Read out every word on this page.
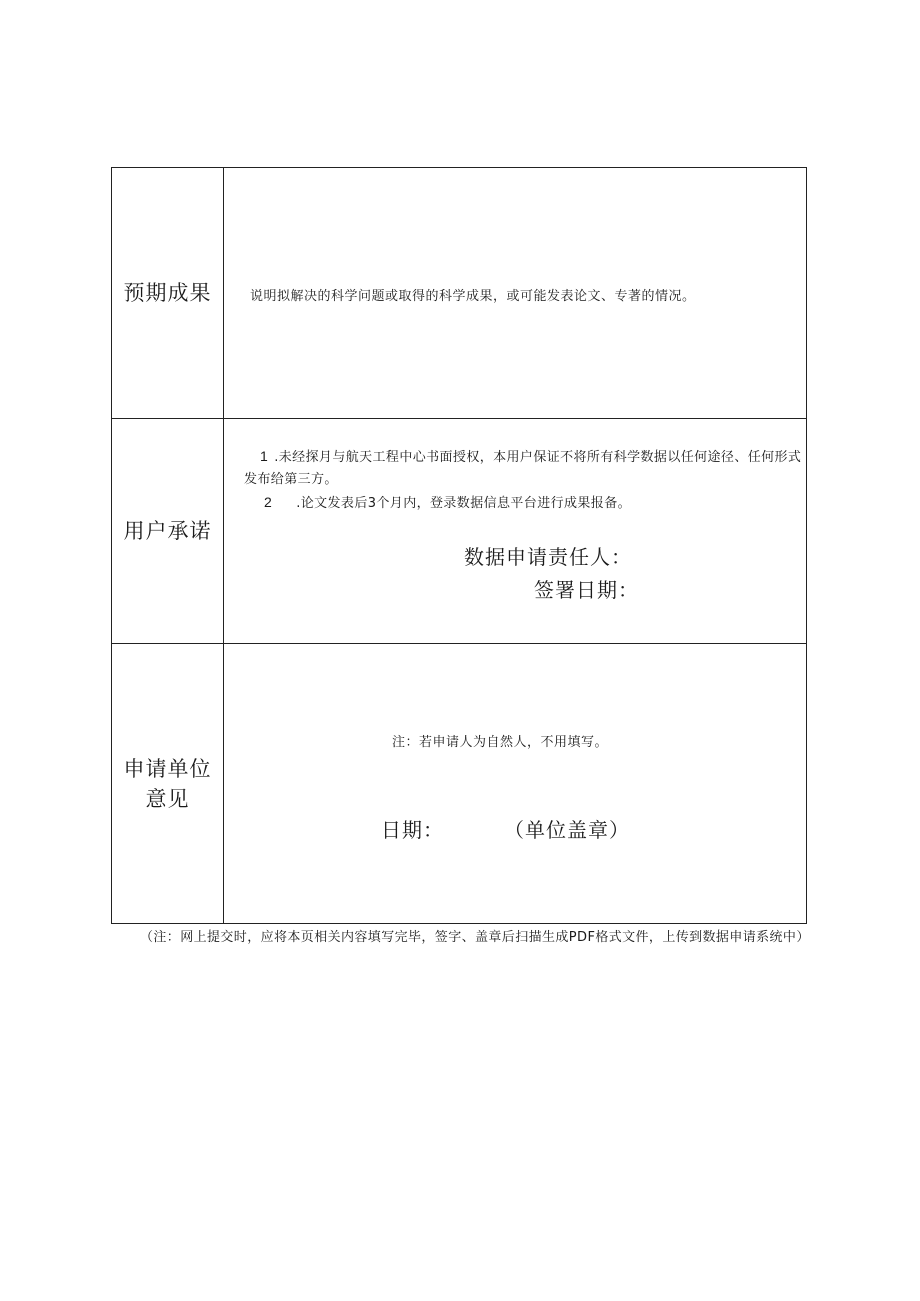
预期成果	说明拟解决的科学问题或取得的科学成果，或可能发表论文、专著的情况。
用户承诺
1 .未经探月与航天工程中心书面授权，本用户保证不将所有科学数据以任何途径、任何形式发布给第三方。
2 .论文发表后3个月内，登录数据信息平台进行成果报备。
数据申请责任人：
签署日期：
申请单位
意见
注：若申请人为自然人，不用填写。
日期：	（单位盖章）
（注：网上提交时，应将本页相关内容填写完毕，签字、盖章后扫描生成PDF格式文件，上传到数据申请系统中）
